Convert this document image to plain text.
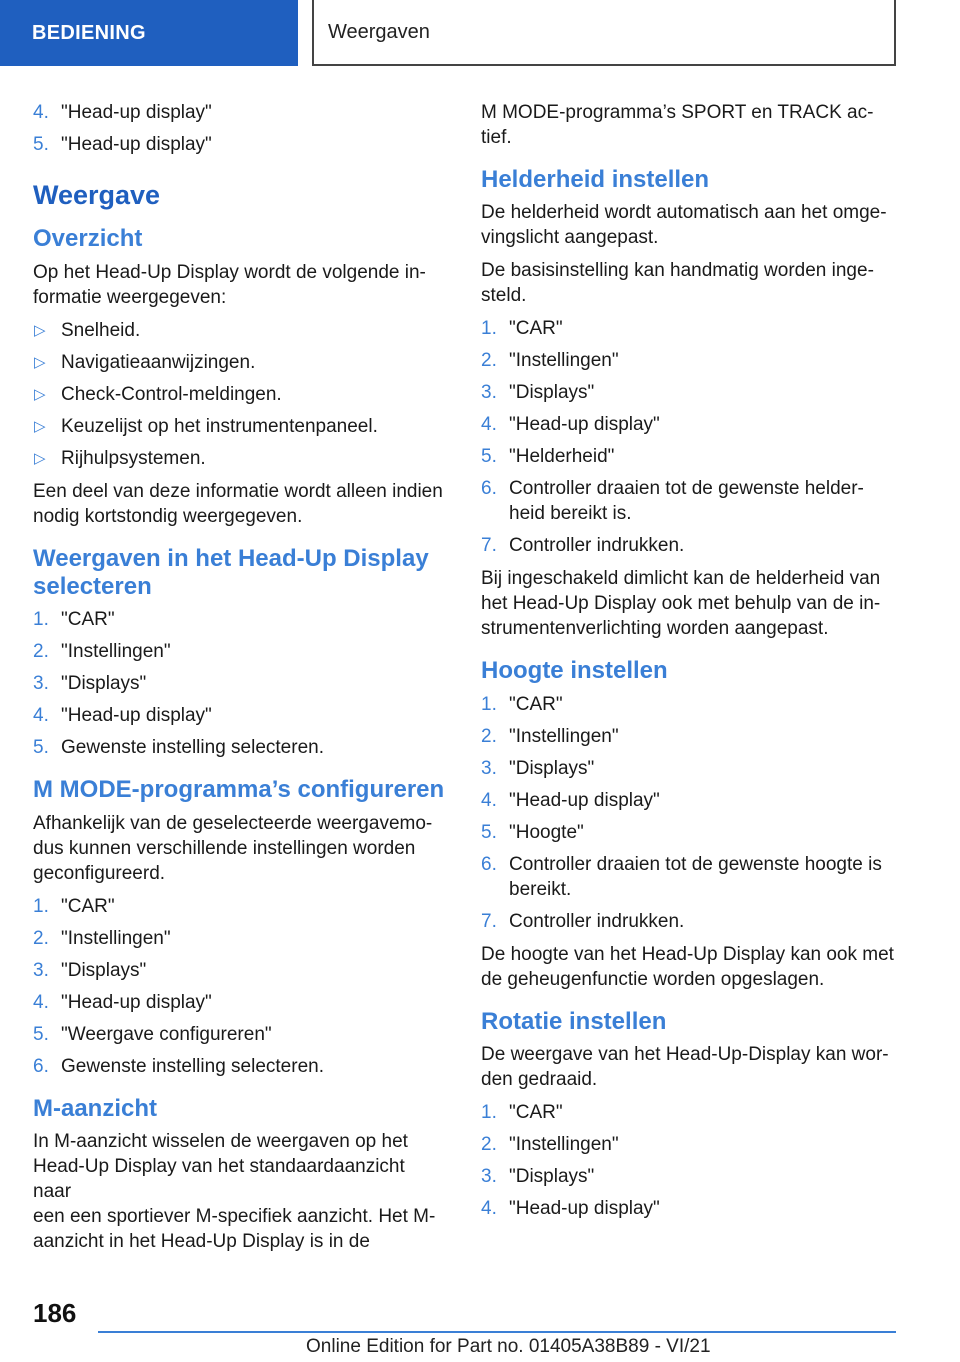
BEDIENING	Weergaven
4. "Head-up display"
5. "Head-up display"
Weergave
Overzicht

Op het Head-Up Display wordt de volgende in-
formatie weergegeven:

▷ Snelheid.
▷ Navigatieaanwijzingen.
▷ Check-Control-meldingen.
▷ Keuzelijst op het instrumentenpaneel.
▷ Rijhulpsystemen.

Een deel van deze informatie wordt alleen indien
nodig kortstondig weergegeven.

Weergaven in het Head-Up Display
selecteren
1. "CAR"
2. "Instellingen"
3. "Displays"
4. "Head-up display"
5. Gewenste instelling selecteren.
M MODE-programma’s configureren

Afhankelijk van de geselecteerde weergavemo-
dus kunnen verschillende instellingen worden
geconfigureerd.

1. "CAR"
2. "Instellingen"
3. "Displays"
4. "Head-up display"
5. "Weergave configureren"
6. Gewenste instelling selecteren.
M-aanzicht

In M-aanzicht wisselen de weergaven op het
Head-Up Display van het standaardaanzicht naar
een een sportiever M-specifiek aanzicht. Het M-
aanzicht in het Head-Up Display is in de

M MODE-programma’s SPORT en TRACK ac-
tief.

Helderheid instellen

De helderheid wordt automatisch aan het omge-
vingslicht aangepast.

De basisinstelling kan handmatig worden inge-
steld.

1. "CAR"
2. "Instellingen"
3. "Displays"
4. "Head-up display"
5. "Helderheid"
6. Controller draaien tot de gewenste helder-
heid bereikt is.
7. Controller indrukken.

Bij ingeschakeld dimlicht kan de helderheid van
het Head-Up Display ook met behulp van de in-
strumentenverlichting worden aangepast.

Hoogte instellen
1. "CAR"
2. "Instellingen"
3. "Displays"
4. "Head-up display"
5. "Hoogte"
6. Controller draaien tot de gewenste hoogte is
bereikt.
7. Controller indrukken.

De hoogte van het Head-Up Display kan ook met
de geheugenfunctie worden opgeslagen.

Rotatie instellen

De weergave van het Head-Up-Display kan wor-
den gedraaid.

1. "CAR"
2. "Instellingen"
3. "Displays"
4. "Head-up display"
186
Online Edition for Part no. 01405A38B89 - VI/21
